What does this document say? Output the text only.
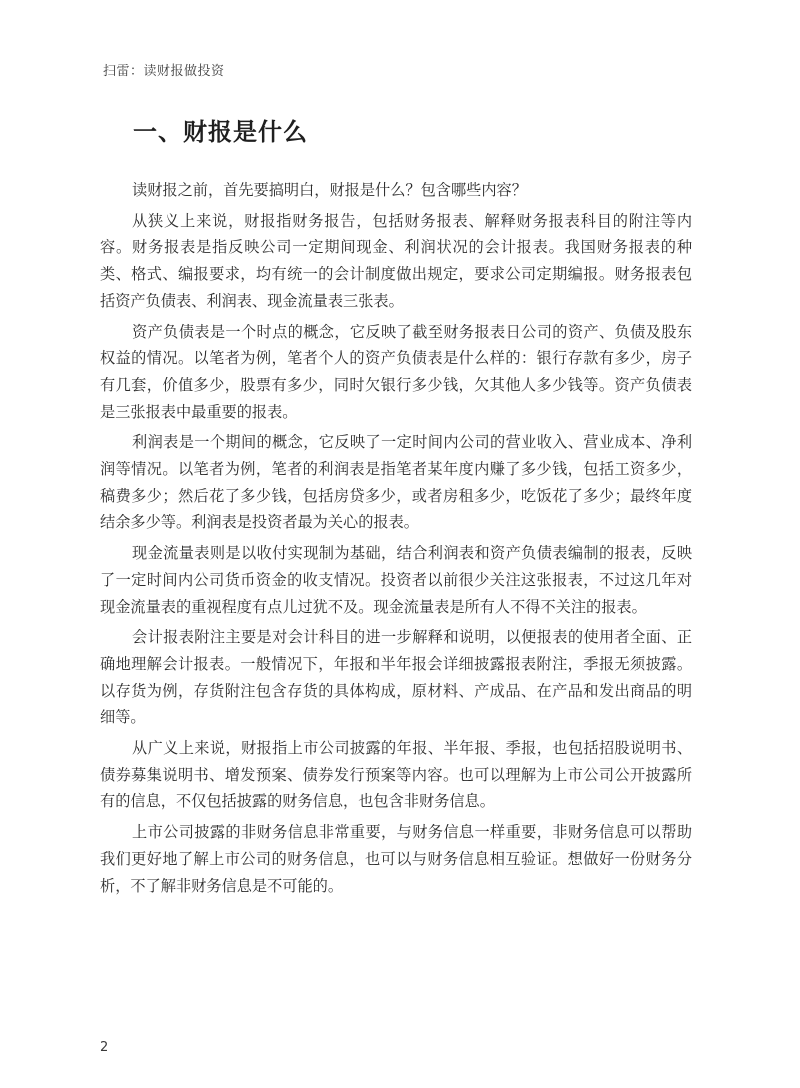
扫雷：读财报做投资
一、财报是什么

读财报之前，首先要搞明白，财报是什么？包含哪些内容？

从狭义上来说，财报指财务报告，包括财务报表、解释财务报表科目的附注等内容。财务报表是指反映公司一定期间现金、利润状况的会计报表。我国财务报表的种类、格式、编报要求，均有统一的会计制度做出规定，要求公司定期编报。财务报表包括资产负债表、利润表、现金流量表三张表。

资产负债表是一个时点的概念，它反映了截至财务报表日公司的资产、负债及股东权益的情况。以笔者为例，笔者个人的资产负债表是什么样的：银行存款有多少，房子有几套，价值多少，股票有多少，同时欠银行多少钱，欠其他人多少钱等。资产负债表是三张报表中最重要的报表。

利润表是一个期间的概念，它反映了一定时间内公司的营业收入、营业成本、净利润等情况。以笔者为例，笔者的利润表是指笔者某年度内赚了多少钱，包括工资多少，稿费多少；然后花了多少钱，包括房贷多少，或者房租多少，吃饭花了多少；最终年度结余多少等。利润表是投资者最为关心的报表。

现金流量表则是以收付实现制为基础，结合利润表和资产负债表编制的报表，反映了一定时间内公司货币资金的收支情况。投资者以前很少关注这张报表，不过这几年对现金流量表的重视程度有点儿过犹不及。现金流量表是所有人不得不关注的报表。

会计报表附注主要是对会计科目的进一步解释和说明，以便报表的使用者全面、正确地理解会计报表。一般情况下，年报和半年报会详细披露报表附注，季报无须披露。以存货为例，存货附注包含存货的具体构成，原材料、产成品、在产品和发出商品的明细等。

从广义上来说，财报指上市公司披露的年报、半年报、季报，也包括招股说明书、债券募集说明书、增发预案、债券发行预案等内容。也可以理解为上市公司公开披露所有的信息，不仅包括披露的财务信息，也包含非财务信息。

上市公司披露的非财务信息非常重要，与财务信息一样重要，非财务信息可以帮助我们更好地了解上市公司的财务信息，也可以与财务信息相互验证。想做好一份财务分析，不了解非财务信息是不可能的。

2
